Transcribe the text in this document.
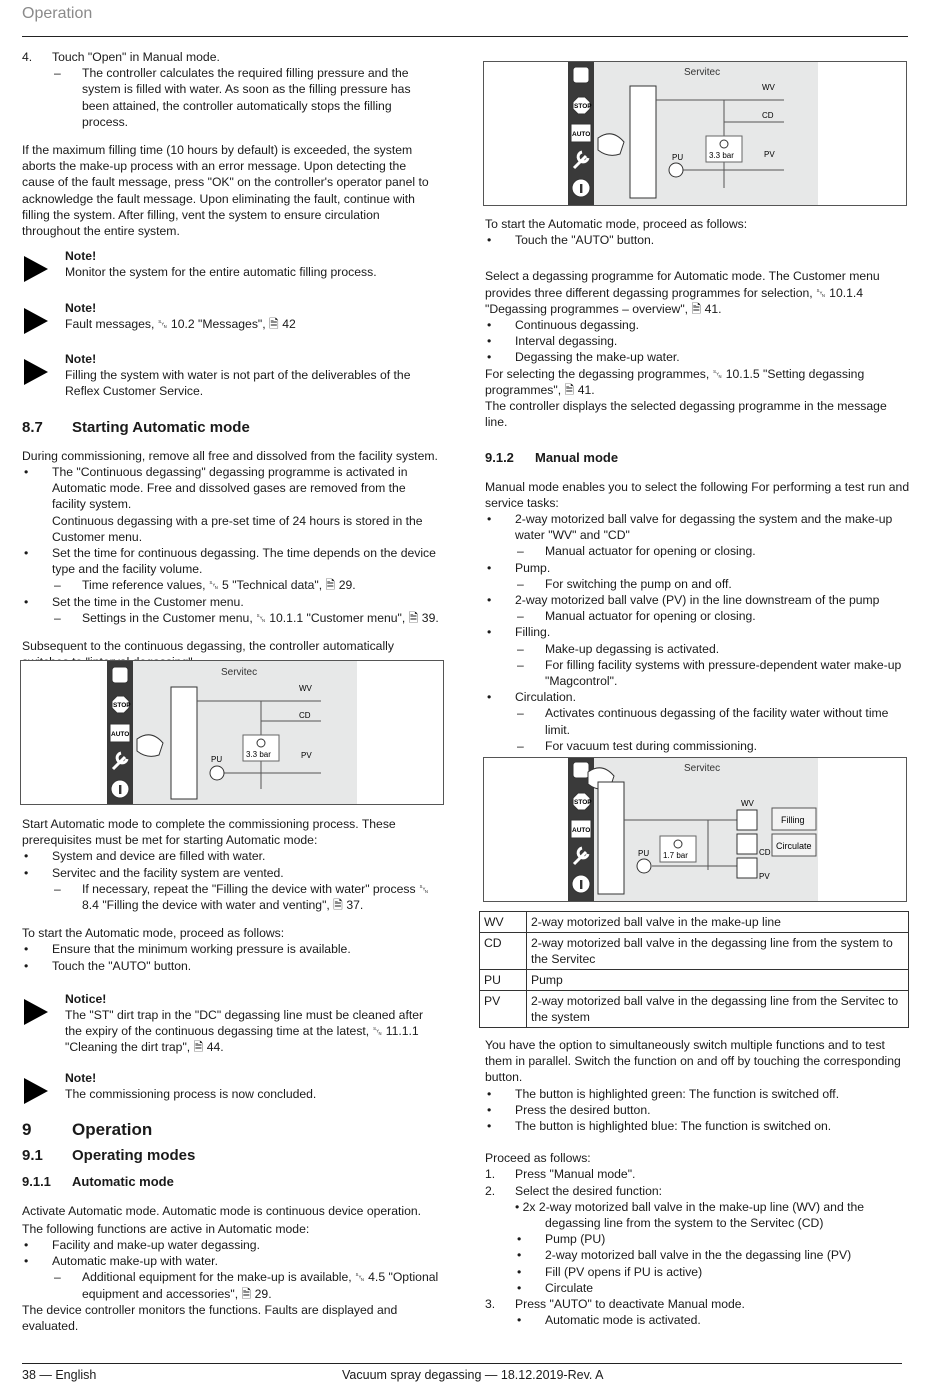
Operation
38 — English	Vacuum spray degassing — 18.12.2019-Rev. A
4.	Touch "Open" in Manual mode.

– The controller calculates the required filling pressure and the system is filled with water. As soon as the filling pressure has been attained, the controller automatically stops the filling process.

If the maximum filling time (10 hours by default) is exceeded, the system aborts the make-up process with an error message. Upon detecting the cause of the fault message, press "OK" on the controller's operator panel to acknowledge the fault message. Upon eliminating the fault, continue with filling the system. After filling, vent the system to ensure circulation throughout the entire system.

Note!
Monitor the system for the entire automatic filling process.
Note!
Fault messages, ␖ 10.2 "Messages", 🗎 42
Note!
Filling the system with water is not part of the deliverables of the Reflex Customer Service.
8.7 Starting Automatic mode

During commissioning, remove all free and dissolved from the facility system.

• The "Continuous degassing" degassing programme is activated in Automatic mode. Free and dissolved gases are removed from the facility system.
Continuous degassing with a pre-set time of 24 hours is stored in the Customer menu.
• Set the time for continuous degassing. The time depends on the device type and the facility volume.
– Time reference values, ␖ 5 "Technical data", 🗎 29.
• Set the time in the Customer menu.
– Settings in the Customer menu, ␖ 10.1.1 "Customer menu", 🗎 39.

Subsequent to the continuous degassing, the controller automatically

Start Automatic mode to complete the commissioning process. These prerequisites must be met for starting Automatic mode:

• System and device are filled with water.
• Servitec and the facility system are vented.
– If necessary, repeat the "Filling the device with water" process ␖ 8.4 "Filling the device with water and venting", 🗎 37.

To start the Automatic mode, proceed as follows:

• Ensure that the minimum working pressure is available.
• Touch the "AUTO" button.
Notice!
The "ST" dirt trap in the "DC" degassing line must be cleaned after the expiry of the continuous degassing time at the latest, ␖ 11.1.1 "Cleaning the dirt trap", 🗎 44.
Note!
The commissioning process is now concluded.
9 Operation
9.1 Operating modes
9.1.1 Automatic mode

Activate Automatic mode. Automatic mode is continuous device operation.

The following functions are active in Automatic mode:

• Facility and make-up water degassing.
• Automatic make-up with water.
– Additional equipment for the make-up is available, ␖ 4.5 "Optional equipment and accessories", 🗎 29.

The device controller monitors the functions. Faults are displayed and evaluated.

Servitec
STOP
AUTO
PU
WV
CD
PV
3.3 bar
Servitec
STOP
AUTO
PU
WV
CD
PV
3.3 bar

To start the Automatic mode, proceed as follows:

• Touch the "AUTO" button.

Select a degassing programme for Automatic mode. The Customer menu provides three different degassing programmes for selection, ␖ 10.1.4 "Degassing programmes – overview", 🗎 41.

• Continuous degassing.
• Interval degassing.
• Degassing the make-up water.

For selecting the degassing programmes, ␖ 10.1.5 "Setting degassing programmes", 🗎 41.

The controller displays the selected degassing programme in the message line.

9.1.2 Manual mode

Manual mode enables you to select the following For performing a test run and service tasks:

• 2-way motorized ball valve for degassing the system and the make-up water "WV" and "CD"
– Manual actuator for opening or closing.
• Pump.
– For switching the pump on and off.
• 2-way motorized ball valve (PV) in the line downstream of the pump
– Manual actuator for opening or closing.
• Filling.
– Make-up degassing is activated.
– For filling facility systems with pressure-dependent water make-up "Magcontrol".
• Circulation.
– Activates continuous degassing of the facility water without time limit.
– For vacuum test during commissioning.
Servitec
STOP
AUTO
PU 1.7 bar
WV
CD
PV
Filling
Circulate
WV	2-way motorized ball valve in the make-up line
CD	2-way motorized ball valve in the degassing line from the system to the Servitec
PU	Pump
PV	2-way motorized ball valve in the degassing line from the Servitec to the system

You have the option to simultaneously switch multiple functions and to test them in parallel. Switch the function on and off by touching the corresponding button.

• The button is highlighted green: The function is switched off.
• Press the desired button.
• The button is highlighted blue: The function is switched on.

Proceed as follows:

1.	Press "Manual mode".

2.	Select the desired function:

• 2x 2-way motorized ball valve in the make-up line (WV) and the degassing line from the system to the Servitec (CD)
• Pump (PU)
• 2-way motorized ball valve in the the degassing line (PV)
• Fill (PV opens if PU is active)
• Circulate
3.	Press "AUTO" to deactivate Manual mode.

• Automatic mode is activated.
